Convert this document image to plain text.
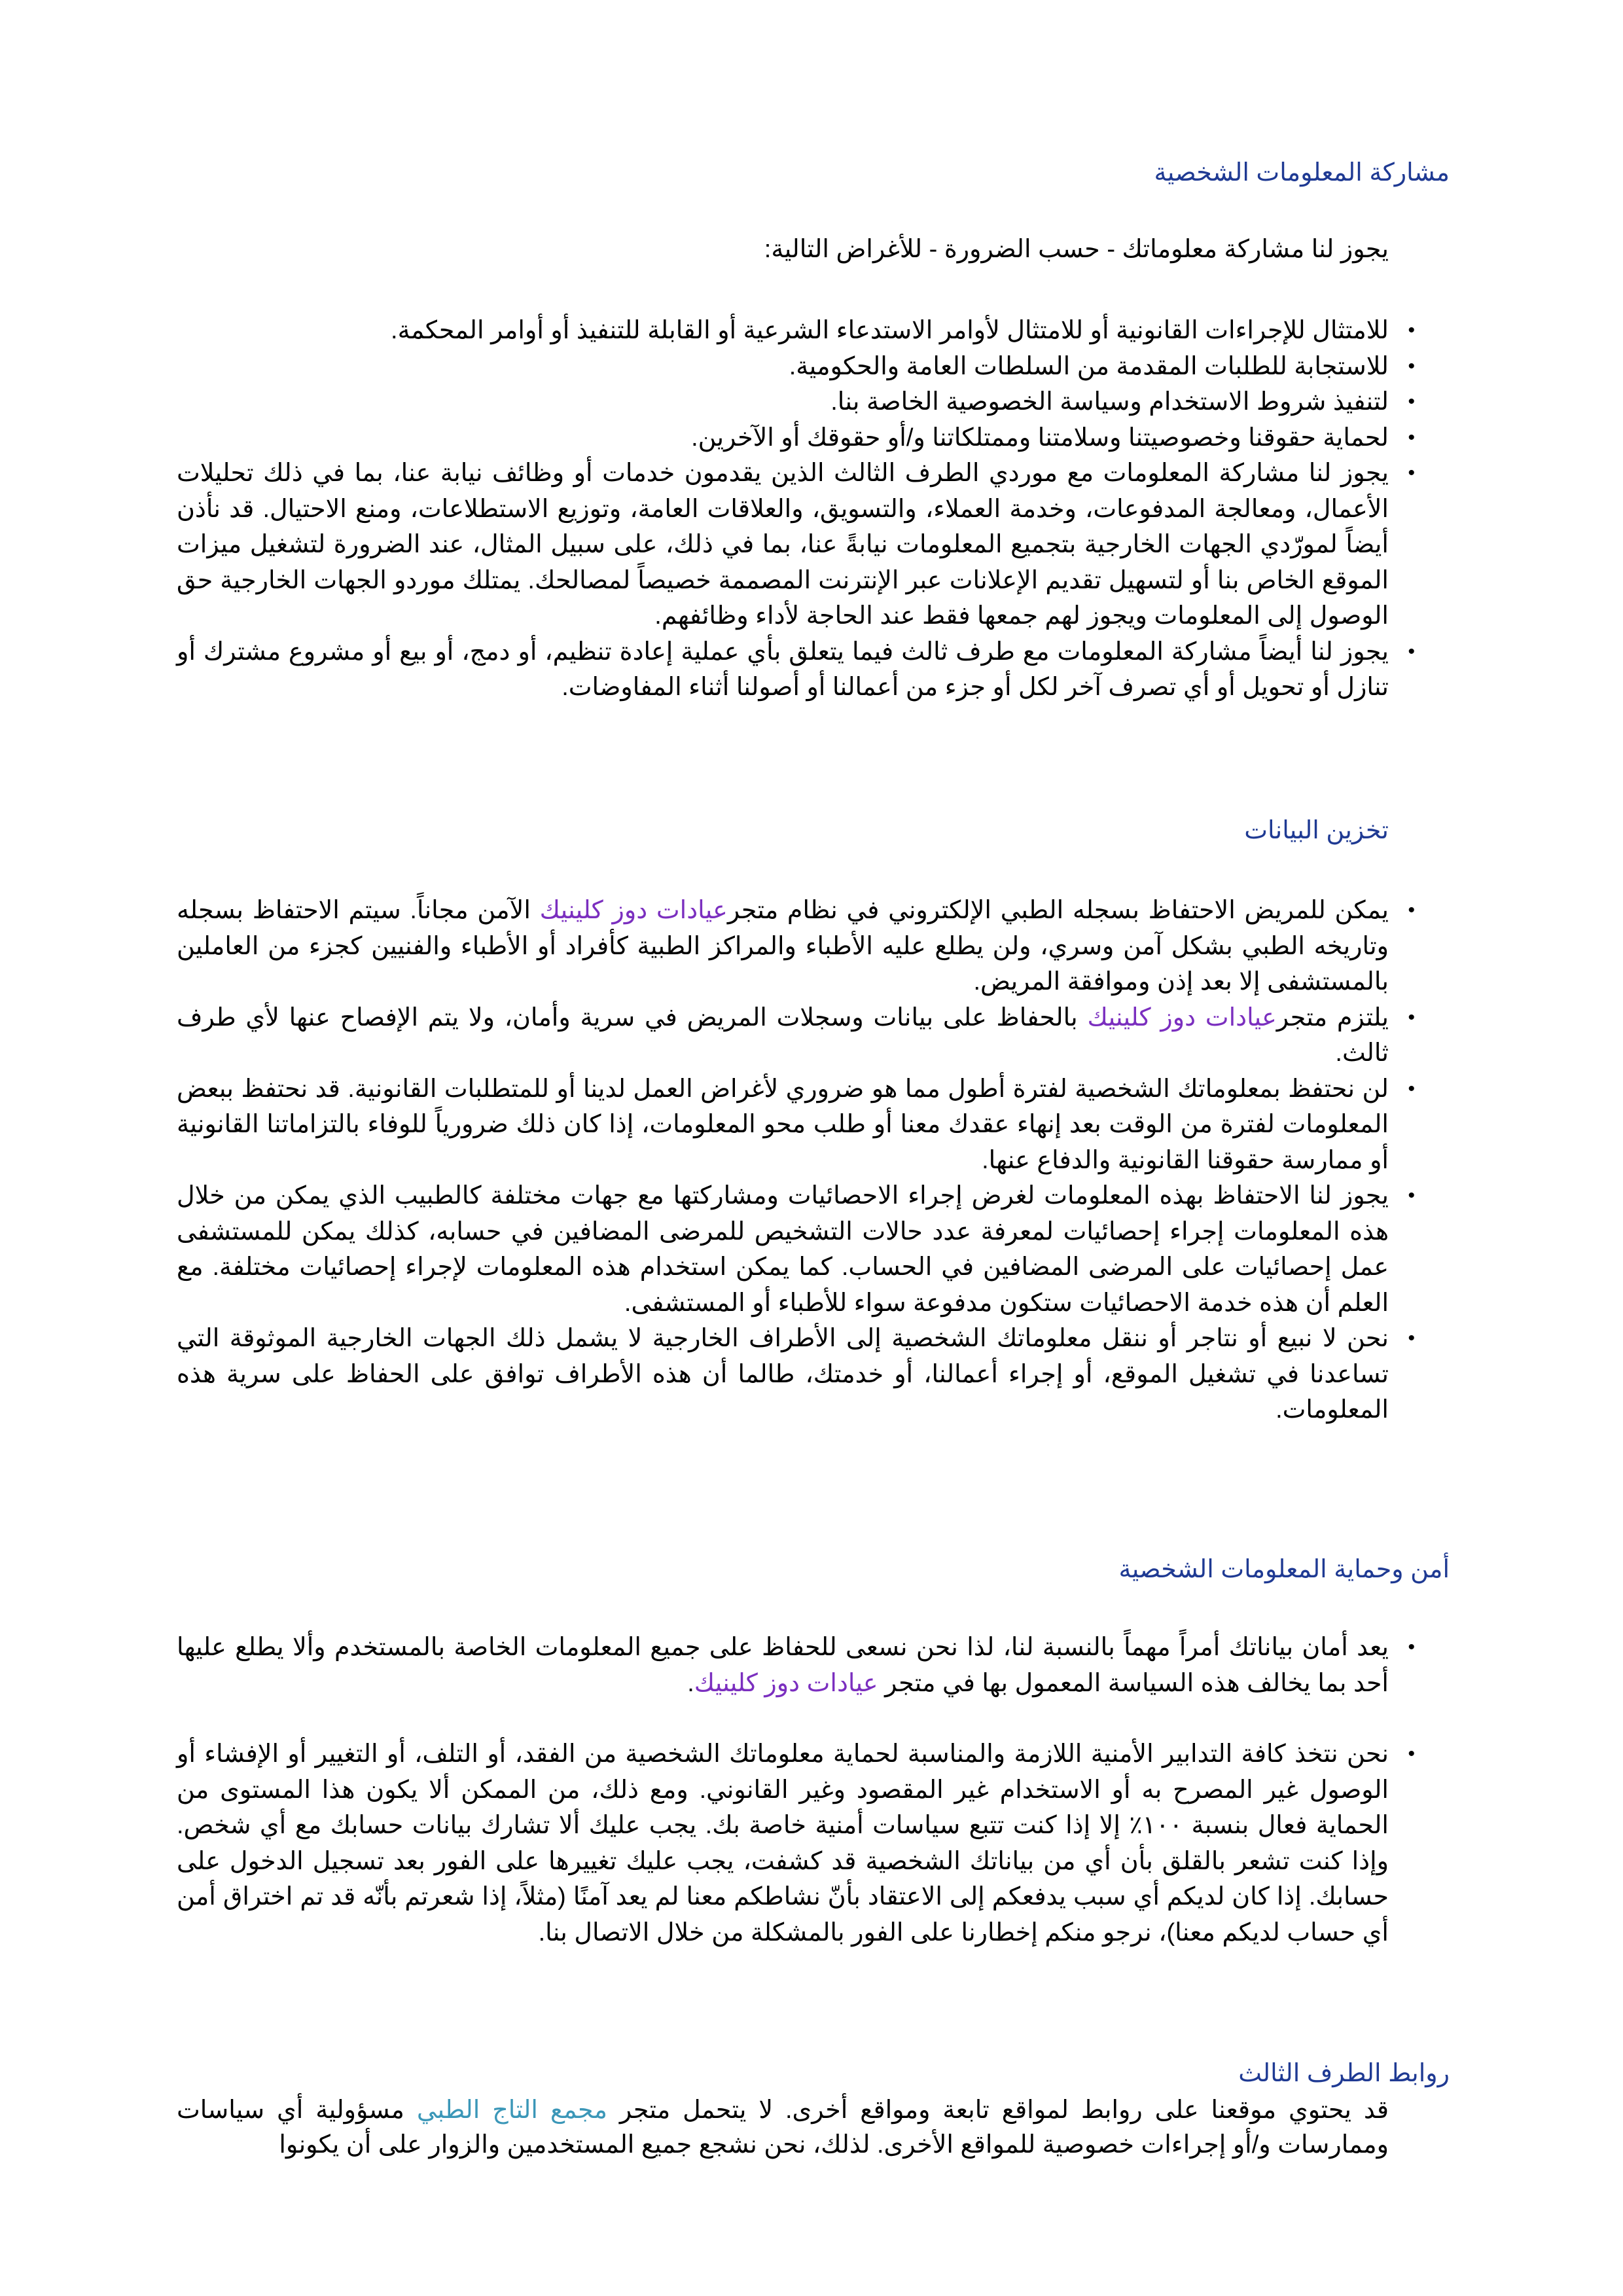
مشاركة المعلومات الشخصية

يجوز لنا مشاركة معلوماتك - حسب الضرورة - للأغراض التالية:

• للامتثال للإجراءات القانونية أو للامتثال لأوامر الاستدعاء الشرعية أو القابلة للتنفيذ أو أوامر المحكمة.
• للاستجابة للطلبات المقدمة من السلطات العامة والحكومية.
• لتنفيذ شروط الاستخدام وسياسة الخصوصية الخاصة بنا.
• لحماية حقوقنا وخصوصيتنا وسلامتنا وممتلكاتنا و/أو حقوقك أو الآخرين.
• يجوز لنا مشاركة المعلومات مع موردي الطرف الثالث الذين يقدمون خدمات أو وظائف نيابة عنا، بما في ذلك تحليلات الأعمال، ومعالجة المدفوعات، وخدمة العملاء، والتسويق، والعلاقات العامة، وتوزيع الاستطلاعات، ومنع الاحتيال. قد نأذن أيضاً لمورّدي الجهات الخارجية بتجميع المعلومات نيابةً عنا، بما في ذلك، على سبيل المثال، عند الضرورة لتشغيل ميزات الموقع الخاص بنا أو لتسهيل تقديم الإعلانات عبر الإنترنت المصممة خصيصاً لمصالحك. يمتلك موردو الجهات الخارجية حق الوصول إلى المعلومات ويجوز لهم جمعها فقط عند الحاجة لأداء وظائفهم.
• يجوز لنا أيضاً مشاركة المعلومات مع طرف ثالث فيما يتعلق بأي عملية إعادة تنظيم، أو دمج، أو بيع أو مشروع مشترك أو تنازل أو تحويل أو أي تصرف آخر لكل أو جزء من أعمالنا أو أصولنا أثناء المفاوضات.
تخزين البيانات
• يمكن للمريض الاحتفاظ بسجله الطبي الإلكتروني في نظام متجرعيادات دوز كلينيك الآمن مجاناً. سيتم الاحتفاظ بسجله وتاريخه الطبي بشكل آمن وسري، ولن يطلع عليه الأطباء والمراكز الطبية كأفراد أو الأطباء والفنيين كجزء من العاملين بالمستشفى إلا بعد إذن وموافقة المريض.
• يلتزم متجرعيادات دوز كلينيك بالحفاظ على بيانات وسجلات المريض في سرية وأمان، ولا يتم الإفصاح عنها لأي طرف ثالث.
• لن نحتفظ بمعلوماتك الشخصية لفترة أطول مما هو ضروري لأغراض العمل لدينا أو للمتطلبات القانونية. قد نحتفظ ببعض المعلومات لفترة من الوقت بعد إنهاء عقدك معنا أو طلب محو المعلومات، إذا كان ذلك ضرورياً للوفاء بالتزاماتنا القانونية أو ممارسة حقوقنا القانونية والدفاع عنها.
• يجوز لنا الاحتفاظ بهذه المعلومات لغرض إجراء الاحصائيات ومشاركتها مع جهات مختلفة كالطبيب الذي يمكن من خلال هذه المعلومات إجراء إحصائيات لمعرفة عدد حالات التشخيص للمرضى المضافين في حسابه، كذلك يمكن للمستشفى عمل إحصائيات على المرضى المضافين في الحساب. كما يمكن استخدام هذه المعلومات لإجراء إحصائيات مختلفة. مع العلم أن هذه خدمة الاحصائيات ستكون مدفوعة سواء للأطباء أو المستشفى.
• نحن لا نبيع أو نتاجر أو ننقل معلوماتك الشخصية إلى الأطراف الخارجية لا يشمل ذلك الجهات الخارجية الموثوقة التي تساعدنا في تشغيل الموقع، أو إجراء أعمالنا، أو خدمتك، طالما أن هذه الأطراف توافق على الحفاظ على سرية هذه المعلومات.
أمن وحماية المعلومات الشخصية
• يعد أمان بياناتك أمراً مهماً بالنسبة لنا، لذا نحن نسعى للحفاظ على جميع المعلومات الخاصة بالمستخدم وألا يطلع عليها أحد بما يخالف هذه السياسة المعمول بها في متجر عيادات دوز كلينيك.
• نحن نتخذ كافة التدابير الأمنية اللازمة والمناسبة لحماية معلوماتك الشخصية من الفقد، أو التلف، أو التغيير أو الإفشاء أو الوصول غير المصرح به أو الاستخدام غير المقصود وغير القانوني. ومع ذلك، من الممكن ألا يكون هذا المستوى من الحماية فعال بنسبة ١٠٠٪ إلا إذا كنت تتبع سياسات أمنية خاصة بك. يجب عليك ألا تشارك بيانات حسابك مع أي شخص. وإذا كنت تشعر بالقلق بأن أي من بياناتك الشخصية قد كشفت، يجب عليك تغييرها على الفور بعد تسجيل الدخول على حسابك. إذا كان لديكم أي سبب يدفعكم إلى الاعتقاد بأنّ نشاطكم معنا لم يعد آمنًا (مثلاً، إذا شعرتم بأنّه قد تم اختراق أمن أي حساب لديكم معنا)، نرجو منكم إخطارنا على الفور بالمشكلة من خلال الاتصال بنا.
روابط الطرف الثالث

قد يحتوي موقعنا على روابط لمواقع تابعة ومواقع أخرى. لا يتحمل متجر مجمع التاج الطبي مسؤولية أي سياسات وممارسات و/أو إجراءات خصوصية للمواقع الأخرى. لذلك، نحن نشجع جميع المستخدمين والزوار على أن يكونوا
